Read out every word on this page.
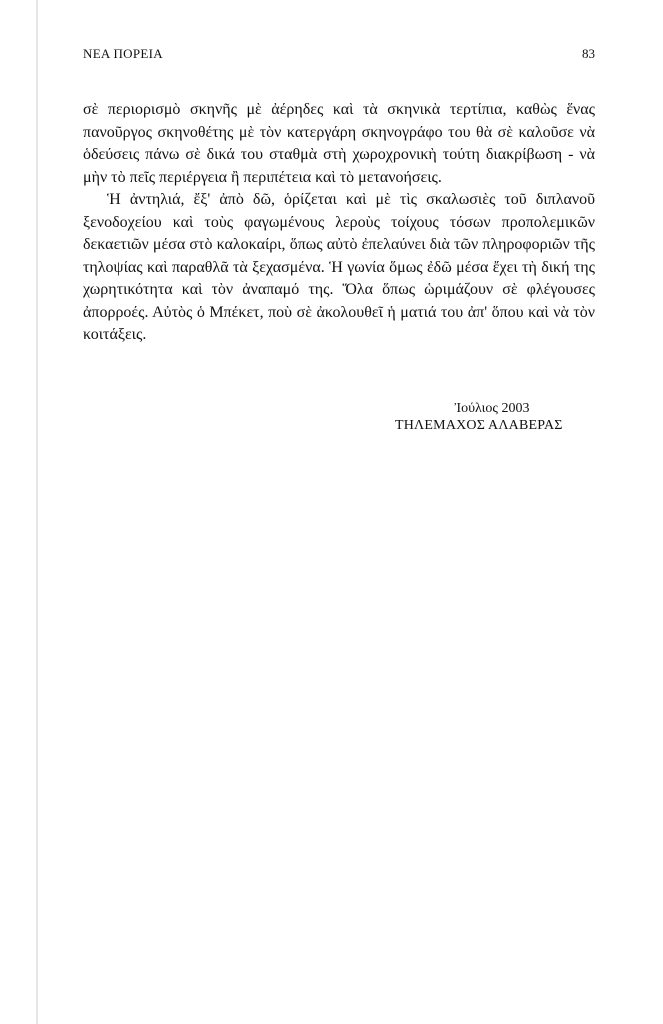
ΝΕΑ ΠΟΡΕΙΑ	83

σὲ περιορισμὸ σκηνῆς μὲ ἀέρηδες καὶ τὰ σκηνικὰ τερτίπια, καθὼς ἕνας πανοῦργος σκηνοθέτης μὲ τὸν κατεργάρη σκηνογράφο του θὰ σὲ καλοῦσε νὰ ὁδεύσεις πάνω σὲ δικά του σταθμὰ στὴ χωροχρονικὴ τούτη διακρίβωση - νὰ μὴν τὸ πεῖς περιέργεια ἢ περιπέτεια καὶ τὸ μετανοήσεις.

Ἡ ἀντηλιά, ἔξ' ἀπὸ δῶ, ὁρίζεται καὶ μὲ τὶς σκαλωσιὲς τοῦ διπλανοῦ ξενοδοχείου καὶ τοὺς φαγωμένους λεροὺς τοίχους τόσων προπολεμικῶν δεκαετιῶν μέσα στὸ καλοκαίρι, ὅπως αὐτὸ ἐπελαύνει διὰ τῶν πληροφοριῶν τῆς τηλοψίας καὶ παραθλᾶ τὰ ξεχασμένα. Ἡ γωνία ὅμως ἐδῶ μέσα ἔχει τὴ δική της χωρητικότητα καὶ τὸν ἀναπαμό της. Ὅλα ὅπως ὡριμάζουν σὲ φλέγουσες ἀπορροές. Αὐτὸς ὁ Μπέκετ, ποὺ σὲ ἀκολουθεῖ ἡ ματιά του ἀπ' ὅπου καὶ νὰ τὸν κοιτάξεις.

Ἰούλιος 2003
ΤΗΛΕΜΑΧΟΣ ΑΛΑΒΕΡΑΣ
